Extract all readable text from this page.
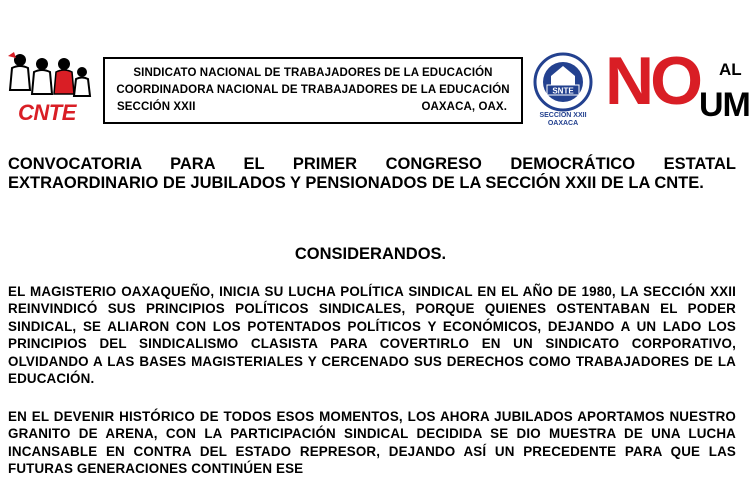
CNTE
SINDICATO NACIONAL DE TRABAJADORES DE LA EDUCACIÓN
COORDINADORA NACIONAL DE TRABAJADORES DE LA EDUCACIÓN
SECCIÓN XXII	OAXACA, OAX.
SNTE
SECCION XXII
OAXACA
NO AL
UM
CONVOCATORIA PARA EL PRIMER CONGRESO DEMOCRÁTICO ESTATAL EXTRAORDINARIO DE JUBILADOS Y PENSIONADOS DE LA SECCIÓN XXII DE LA CNTE.
CONSIDERANDOS.
EL MAGISTERIO OAXAQUEÑO, INICIA SU LUCHA POLÍTICA SINDICAL EN EL AÑO DE 1980, LA SECCIÓN XXII REINVINDICÓ SUS PRINCIPIOS POLÍTICOS SINDICALES, PORQUE QUIENES OSTENTABAN EL PODER SINDICAL, SE ALIARON CON LOS POTENTADOS POLÍTICOS Y ECONÓMICOS, DEJANDO A UN LADO LOS PRINCIPIOS DEL SINDICALISMO CLASISTA PARA COVERTIRLO EN UN SINDICATO CORPORATIVO, OLVIDANDO A LAS BASES MAGISTERIALES Y CERCENADO SUS DERECHOS COMO TRABAJADORES DE LA EDUCACIÓN.
EN EL DEVENIR HISTÓRICO DE TODOS ESOS MOMENTOS, LOS AHORA JUBILADOS APORTAMOS NUESTRO GRANITO DE ARENA, CON LA PARTICIPACIÓN SINDICAL DECIDIDA SE DIO MUESTRA DE UNA LUCHA INCANSABLE EN CONTRA DEL ESTADO REPRESOR, DEJANDO ASÍ UN PRECEDENTE PARA QUE LAS FUTURAS GENERACIONES CONTINÚEN ESE
